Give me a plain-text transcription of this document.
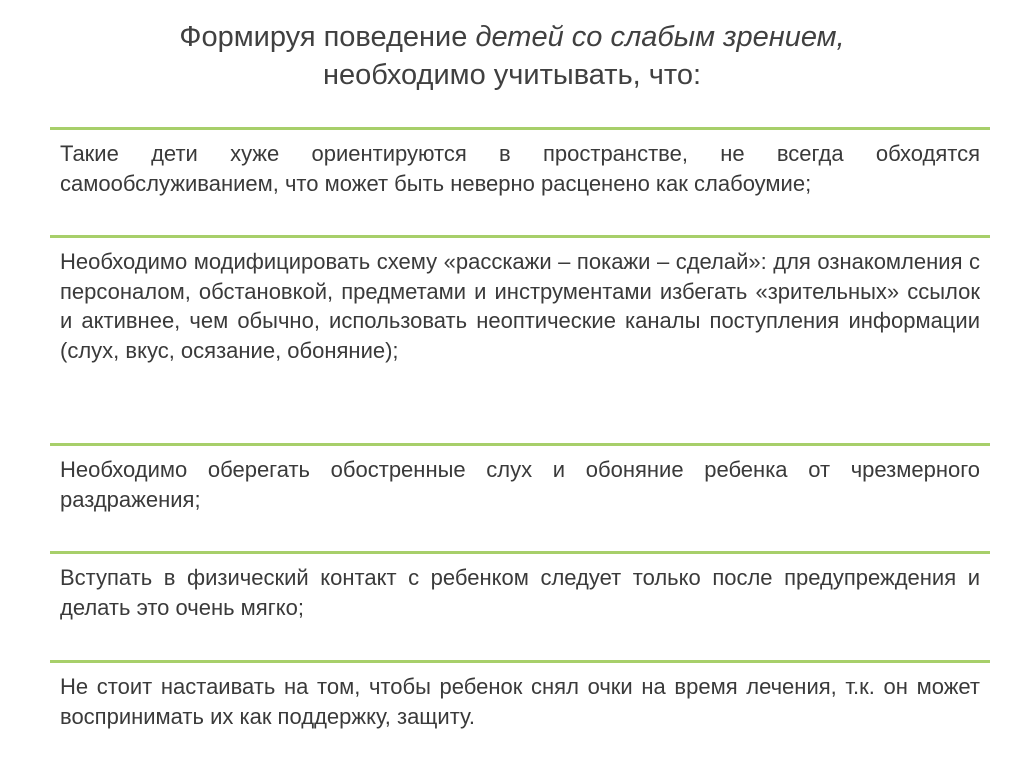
Формируя поведение детей со слабым зрением,
необходимо учитывать, что:
Такие дети хуже ориентируются в пространстве, не всегда обходятся самообслуживанием, что может быть неверно расценено как слабоумие;
Необходимо модифицировать схему «расскажи – покажи – сделай»: для ознакомления с персоналом, обстановкой, предметами и инструментами избегать «зрительных» ссылок и активнее, чем обычно, использовать неоптические каналы поступления информации (слух, вкус, осязание, обоняние);
Необходимо оберегать обостренные слух и обоняние ребенка от чрезмерного раздражения;
Вступать в физический контакт с ребенком следует только после предупреждения и делать это очень мягко;
Не стоит настаивать на том, чтобы ребенок снял очки на время лечения, т.к. он может воспринимать их как поддержку, защиту.
